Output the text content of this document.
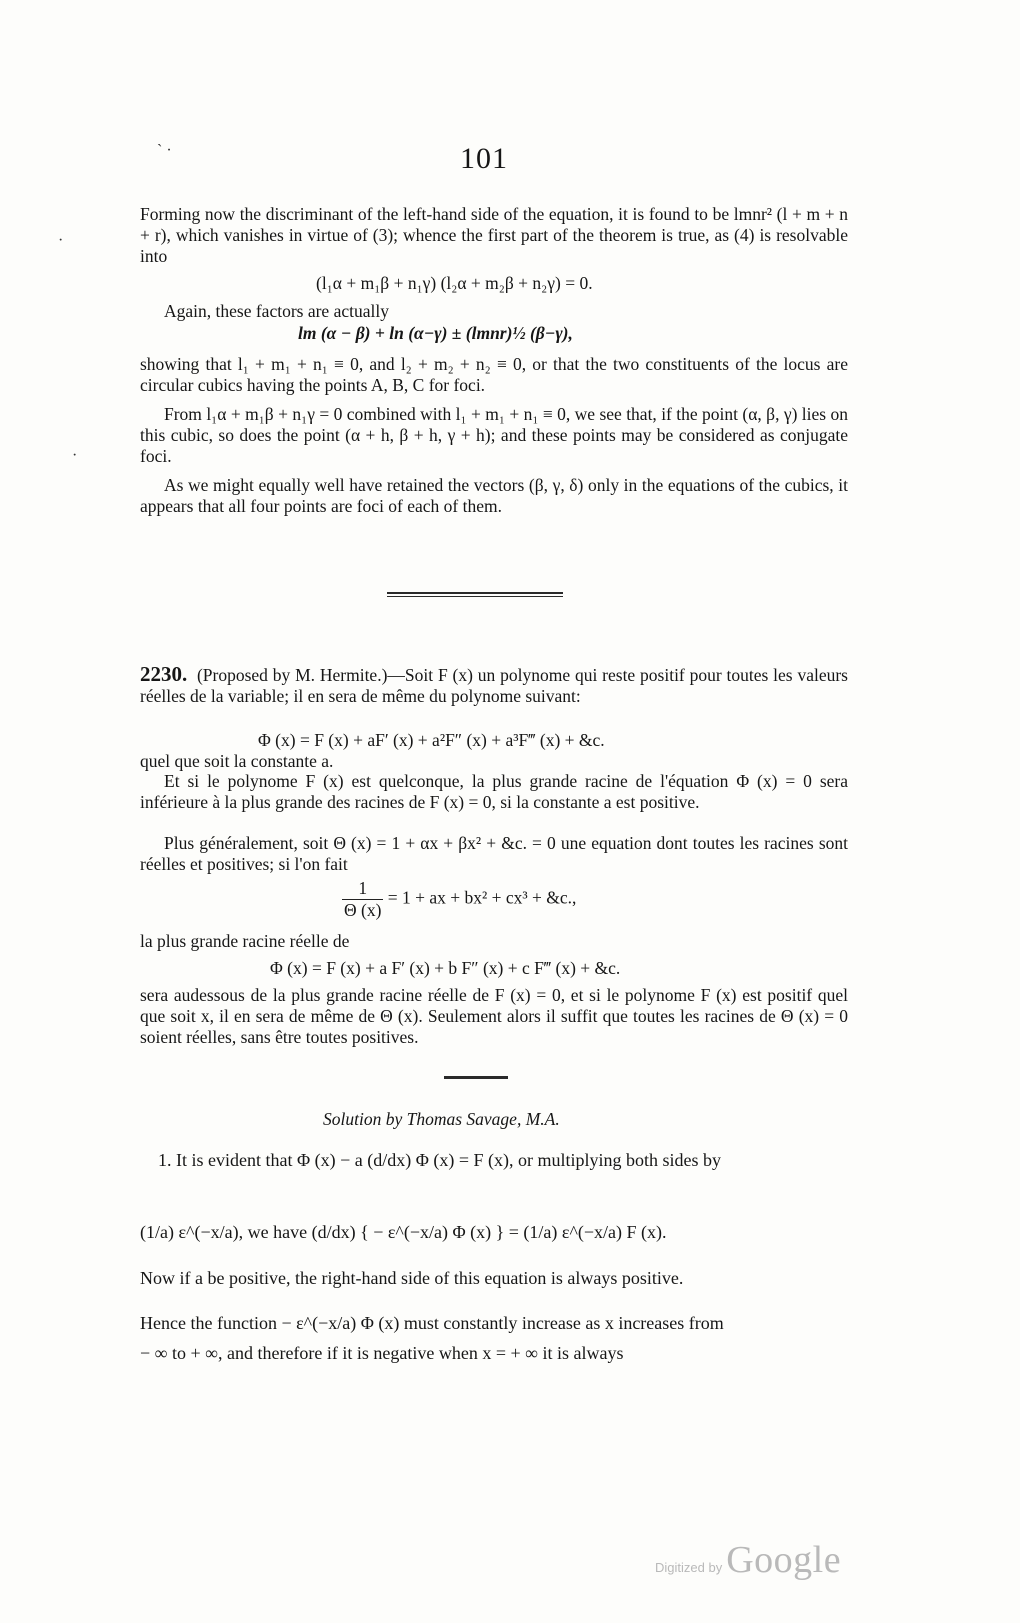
ˋ ·
·
·
101

Forming now the discriminant of the left-hand side of the equation, it is found to be lmnr² (l + m + n + r), which vanishes in virtue of (3); whence the first part of the theorem is true, as (4) is resolvable into

(l₁α + m₁β + n₁γ) (l₂α + m₂β + n₂γ) = 0.

Again, these factors are actually

lm (α − β) + ln (α−γ) ± (lmnr)½ (β−γ),

showing that l₁ + m₁ + n₁ ≡ 0, and l₂ + m₂ + n₂ ≡ 0, or that the two constituents of the locus are circular cubics having the points A, B, C for foci.

From l₁α + m₁β + n₁γ = 0 combined with l₁ + m₁ + n₁ ≡ 0, we see that, if the point (α, β, γ) lies on this cubic, so does the point (α + h, β + h, γ + h); and these points may be considered as conjugate foci.

As we might equally well have retained the vectors (β, γ, δ) only in the equations of the cubics, it appears that all four points are foci of each of them.

2230. (Proposed by M. Hermite.)—Soit F (x) un polynome qui reste positif pour toutes les valeurs réelles de la variable; il en sera de même du polynome suivant:

Φ (x) = F (x) + aF′ (x) + a²F″ (x) + a³F‴ (x) + &c.

quel que soit la constante a.

Et si le polynome F (x) est quelconque, la plus grande racine de l'équation Φ (x) = 0 sera inférieure à la plus grande des racines de F (x) = 0, si la constante a est positive.

Plus généralement, soit Θ (x) = 1 + αx + βx² + &c. = 0 une equation dont toutes les racines sont réelles et positives; si l'on fait

$\frac{1}{\Theta (x)} = 1$ + ax + bx² + cx³ + &c.,

la plus grande racine réelle de

Φ (x) = F (x) + a F′ (x) + b F″ (x) + c F‴ (x) + &c.

sera audessous de la plus grande racine réelle de F (x) = 0, et si le polynome F (x) est positif quel que soit x, il en sera de même de Θ (x). Seulement alors il suffit que toutes les racines de Θ (x) = 0 soient réelles, sans être toutes positives.

Solution by Thomas Savage, M.A.

1. It is evident that Φ (x) − a (d/dx) Φ (x) = F (x), or multiplying both sides by

(1/a) ε^(−x/a), we have (d/dx) { − ε^(−x/a) Φ (x) } = (1/a) ε^(−x/a) F (x).

Now if a be positive, the right-hand side of this equation is always positive.

Hence the function − ε^(−x/a) Φ (x) must constantly increase as x increases from

− ∞ to + ∞, and therefore if it is negative when x = + ∞ it is always

Digitized by Google
